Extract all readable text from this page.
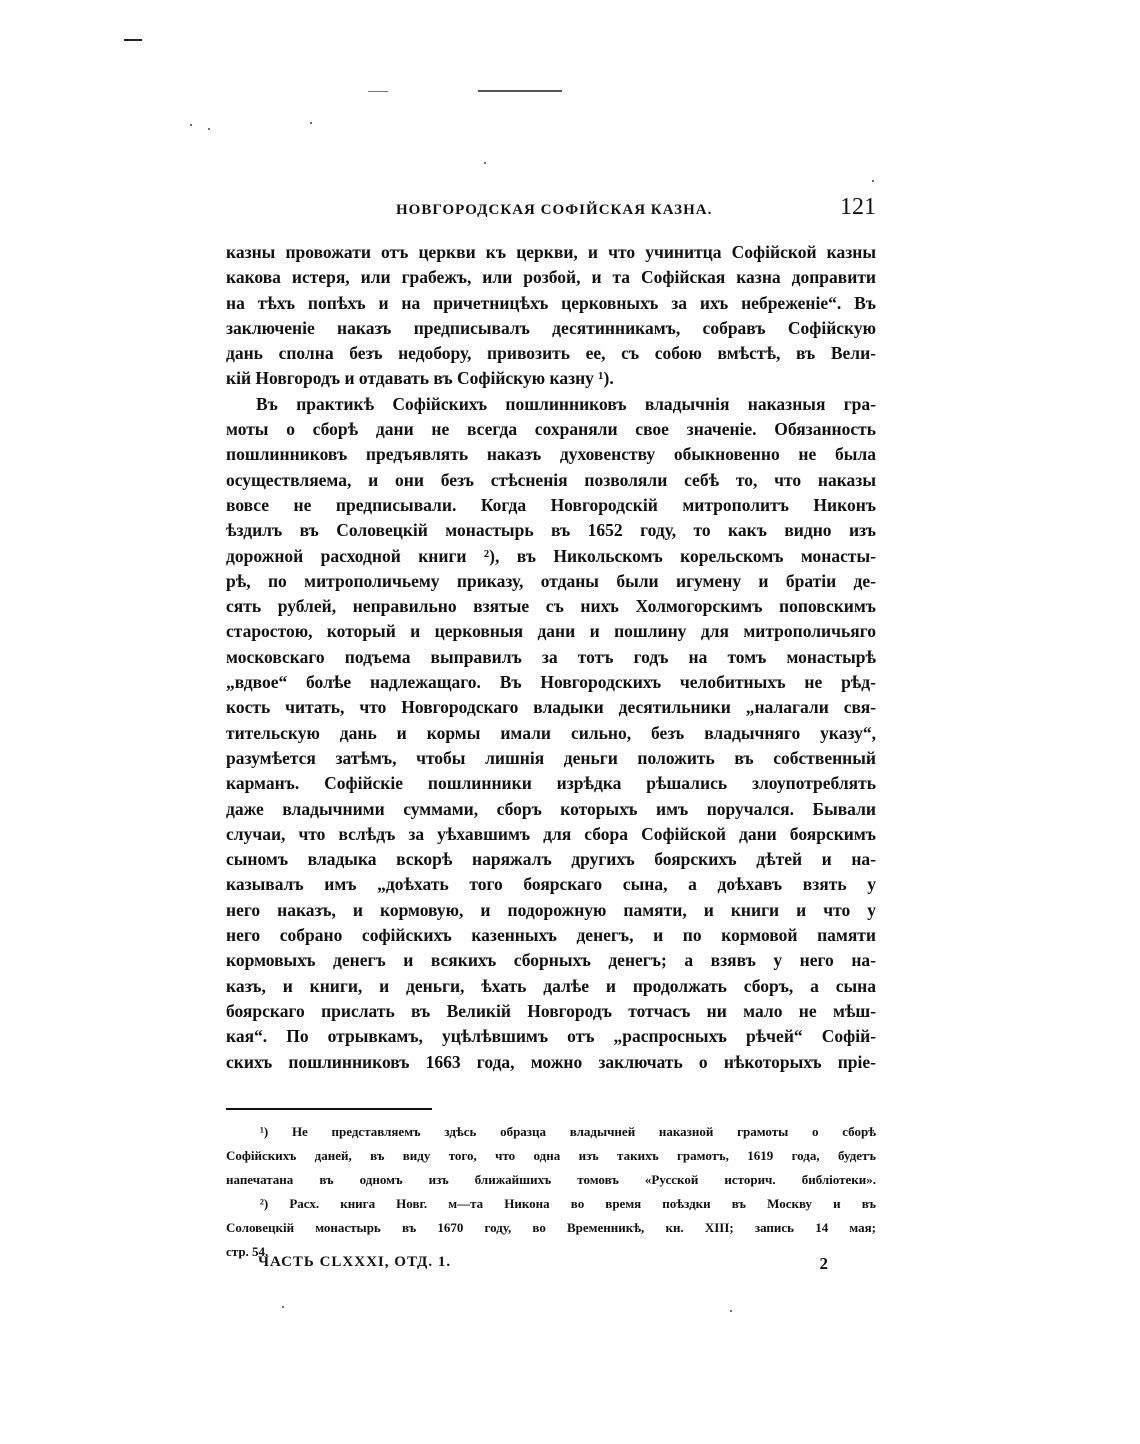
НОВГОРОДСКАЯ СОФІЙСКАЯ КАЗНА.	121
казны провожати отъ церкви къ церкви, и что учинитца Софійской казны
какова истеря, или грабежъ, или розбой, и та Софійская казна доправити
на тѣхъ попѣхъ и на причетницѣхъ церковныхъ за ихъ небреженіе“. Въ
заключеніе наказъ предписывалъ десятинникамъ, собравъ Софійскую
дань сполна безъ недобору, привозить ее, съ собою вмѣстѣ, въ Вели-
кій Новгородъ и отдавать въ Софійскую казну ¹).
Въ практикѣ Софійскихъ пошлинниковъ владычнія наказныя гра-
моты о сборѣ дани не всегда сохраняли свое значеніе. Обязанность
пошлинниковъ предъявлять наказъ духовенству обыкновенно не была
осуществляема, и они безъ стѣсненія позволяли себѣ то, что наказы
вовсе не предписывали. Когда Новгородскій митрополитъ Никонъ
ѣздилъ въ Соловецкій монастырь въ 1652 году, то какъ видно изъ
дорожной расходной книги ²), въ Никольскомъ корельскомъ монасты-
рѣ, по митрополичьему приказу, отданы были игумену и братіи де-
сять рублей, неправильно взятые съ нихъ Холмогорскимъ поповскимъ
старостою, который и церковныя дани и пошлину для митрополичьяго
московскаго подъема выправилъ за тотъ годъ на томъ монастырѣ
„вдвое“ болѣе надлежащаго. Въ Новгородскихъ челобитныхъ не рѣд-
кость читать, что Новгородскаго владыки десятильники „налагали свя-
тительскую дань и кормы имали сильно, безъ владычняго указу“,
разумѣется затѣмъ, чтобы лишнія деньги положить въ собственный
карманъ. Софійскіе пошлинники изрѣдка рѣшались злоупотреблять
даже владычними суммами, сборъ которыхъ имъ поручался. Бывали
случаи, что вслѣдъ за уѣхавшимъ для сбора Софійской дани боярскимъ
сыномъ владыка вскорѣ наряжалъ другихъ боярскихъ дѣтей и на-
казывалъ имъ „доѣхать того боярскаго сына, а доѣхавъ взять у
него наказъ, и кормовую, и подорожную памяти, и книги и что у
него собрано софійскихъ казенныхъ денегъ, и по кормовой памяти
кормовыхъ денегъ и всякихъ сборныхъ денегъ; а взявъ у него на-
казъ, и книги, и деньги, ѣхать далѣе и продолжать сборъ, а сына
боярскаго прислать въ Великій Новгородъ тотчасъ ни мало не мѣш-
кая“. По отрывкамъ, уцѣлѣвшимъ отъ „распросныхъ рѣчей“ Софій-
скихъ пошлинниковъ 1663 года, можно заключать о нѣкоторыхъ пріе-
¹) Не представляемъ здѣсь образца владычней наказной грамоты о сборѣ
Софійскихъ даней, въ виду того, что одна изъ такихъ грамотъ, 1619 года, будетъ
напечатана въ одномъ изъ ближайшихъ томовъ «Русской историч. библіотеки».
²) Расх. книга Новг. м—та Никона во время поѣздки въ Москву и въ
Соловецкій монастырь въ 1670 году, во Временникѣ, кн. XIII; запись 14 мая;
стр. 54.
ЧАСТЬ CLXXXI, ОТД. 1.	2
